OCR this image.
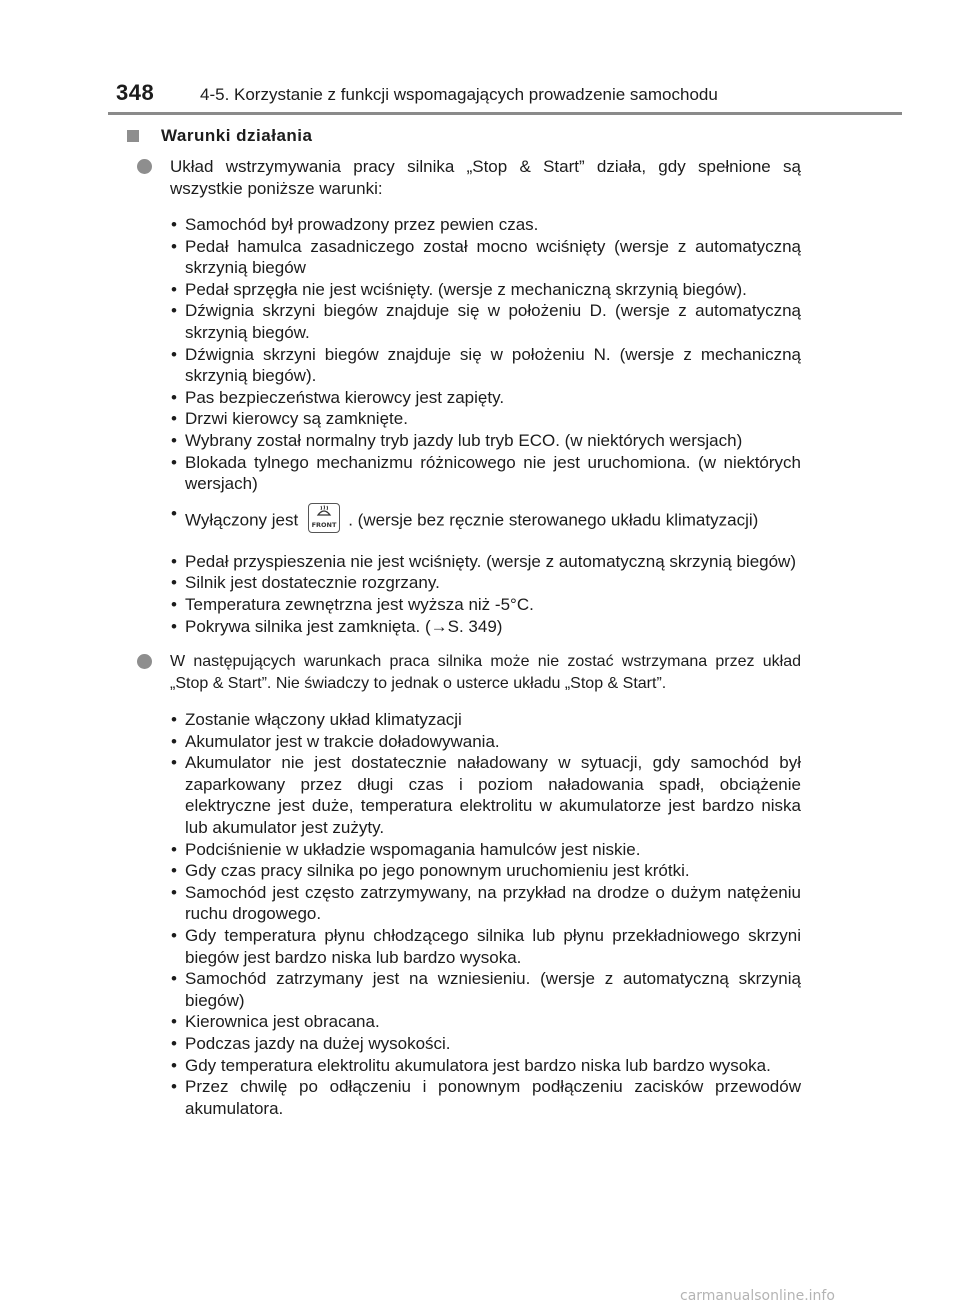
348	4-5. Korzystanie z funkcji wspomagających prowadzenie samochodu
Warunki działania
Układ wstrzymywania pracy silnika „Stop & Start” działa, gdy spełnione są wszystkie poniższe warunki:
• Samochód był prowadzony przez pewien czas.
• Pedał hamulca zasadniczego został mocno wciśnięty (wersje z automatyczną skrzynią biegów
• Pedał sprzęgła nie jest wciśnięty. (wersje z mechaniczną skrzynią biegów).
• Dźwignia skrzyni biegów znajduje się w położeniu D. (wersje z automatyczną skrzynią biegów.
• Dźwignia skrzyni biegów znajduje się w położeniu N. (wersje z mechaniczną skrzynią biegów).
• Pas bezpieczeństwa kierowcy jest zapięty.
• Drzwi kierowcy są zamknięte.
• Wybrany został normalny tryb jazdy lub tryb ECO. (w niektórych wersjach)
• Blokada tylnego mechanizmu różnicowego nie jest uruchomiona. (w niektórych wersjach)
• Wyłączony jest FRONT . (wersje bez ręcznie sterowanego układu klimatyzacji)
• Pedał przyspieszenia nie jest wciśnięty. (wersje z automatyczną skrzynią biegów)
• Silnik jest dostatecznie rozgrzany.
• Temperatura zewnętrzna jest wyższa niż -5°C.
• Pokrywa silnika jest zamknięta. (→S. 349)
W następujących warunkach praca silnika może nie zostać wstrzymana przez układ „Stop & Start”. Nie świadczy to jednak o usterce układu „Stop & Start”.
• Zostanie włączony układ klimatyzacji
• Akumulator jest w trakcie doładowywania.
• Akumulator nie jest dostatecznie naładowany w sytuacji, gdy samochód był zaparkowany przez długi czas i poziom naładowania spadł, obciążenie elektryczne jest duże, temperatura elektrolitu w akumulatorze jest bardzo niska lub akumulator jest zużyty.
• Podciśnienie w układzie wspomagania hamulców jest niskie.
• Gdy czas pracy silnika po jego ponownym uruchomieniu jest krótki.
• Samochód jest często zatrzymywany, na przykład na drodze o dużym natężeniu ruchu drogowego.
• Gdy temperatura płynu chłodzącego silnika lub płynu przekładniowego skrzyni biegów jest bardzo niska lub bardzo wysoka.
• Samochód zatrzymany jest na wzniesieniu. (wersje z automatyczną skrzynią biegów)
• Kierownica jest obracana.
• Podczas jazdy na dużej wysokości.
• Gdy temperatura elektrolitu akumulatora jest bardzo niska lub bardzo wysoka.
• Przez chwilę po odłączeniu i ponownym podłączeniu zacisków przewodów akumulatora.
carmanualsonline.info
